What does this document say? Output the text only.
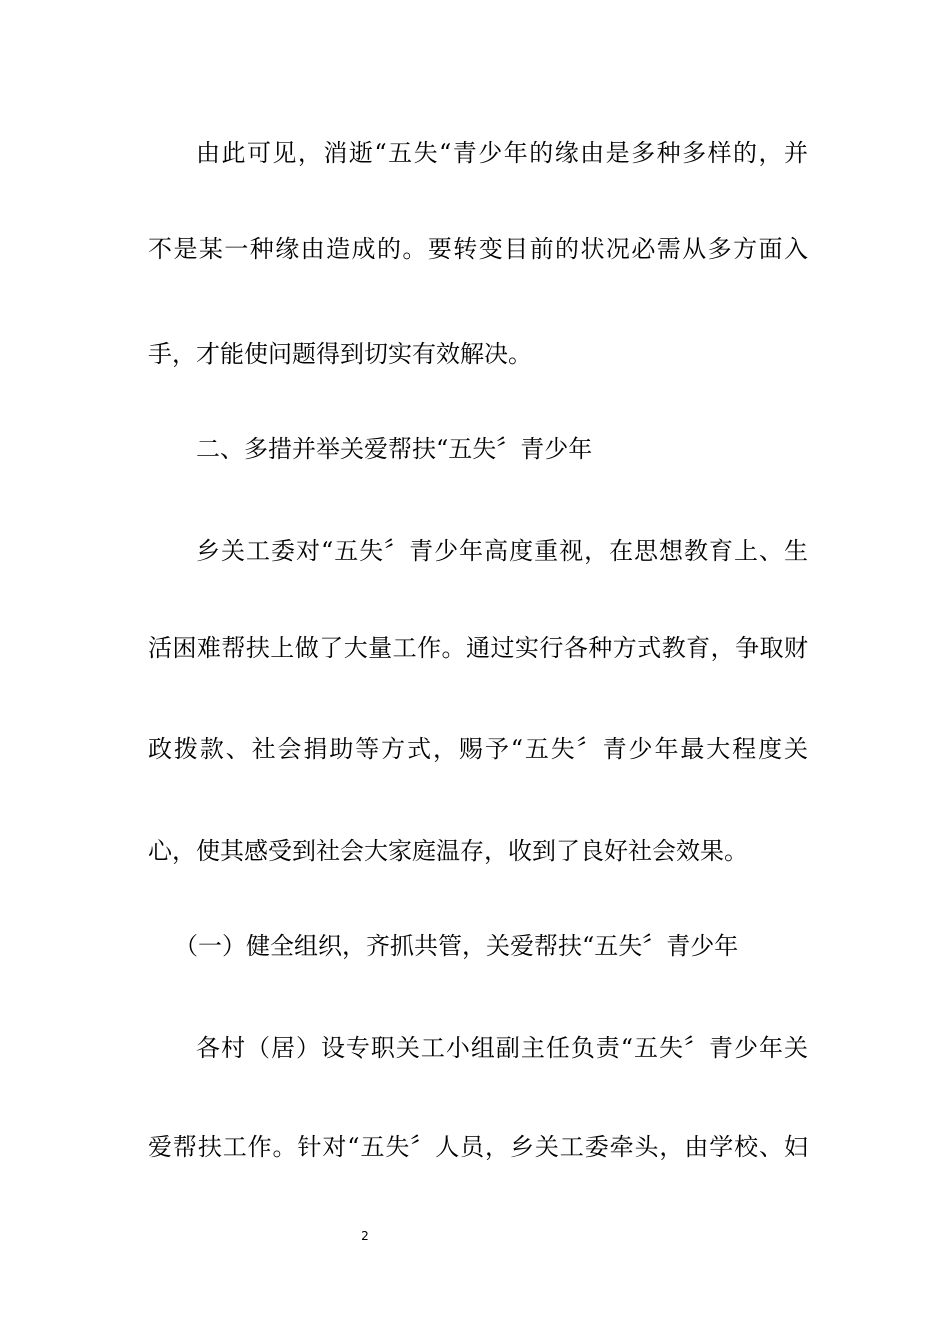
由此可见，消逝“五失“青少年的缘由是多种多样的，并
不是某一种缘由造成的。要转变目前的状况必需从多方面入
手，才能使问题得到切实有效解决。
二、多措并举关爱帮扶“五失〞青少年
乡关工委对“五失〞青少年高度重视，在思想教育上、生
活困难帮扶上做了大量工作。通过实行各种方式教育，争取财
政拨款、社会捐助等方式，赐予“五失〞青少年最大程度关
心，使其感受到社会大家庭温存，收到了良好社会效果。
（一）健全组织，齐抓共管，关爱帮扶“五失〞青少年
各村（居）设专职关工小组副主任负责“五失〞青少年关
爱帮扶工作。针对“五失〞人员，乡关工委牵头，由学校、妇
2
